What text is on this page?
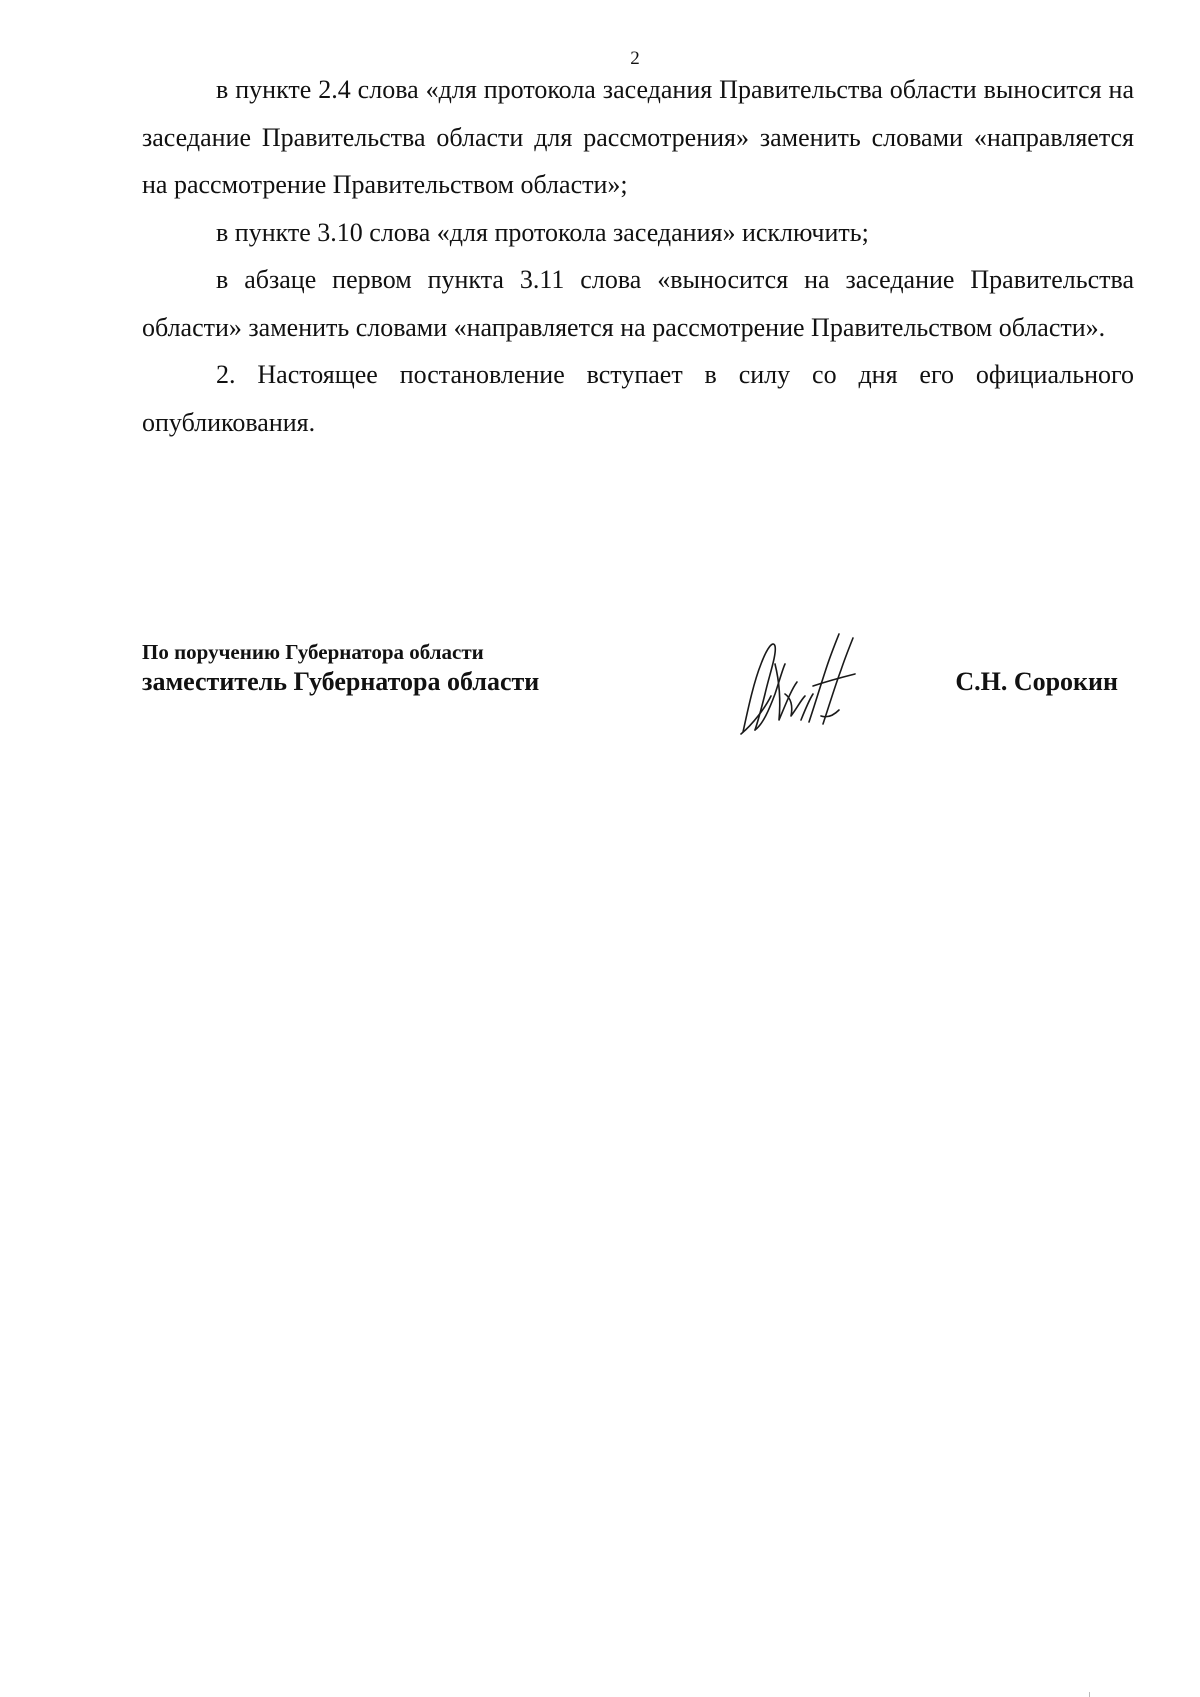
2

в пункте 2.4 слова «для протокола заседания Правительства области выносится на заседание Правительства области для рассмотрения» заменить словами «направляется на рассмотрение Правительством области»;

в пункте 3.10 слова «для протокола заседания» исключить;

в абзаце первом пункта 3.11 слова «выносится на заседание Правительства области» заменить словами «направляется на рассмотрение Правительством области».

2. Настоящее постановление вступает в силу со дня его официального опубликования.

По поручению Губернатора области
заместитель Губернатора области	С.Н. Сорокин
